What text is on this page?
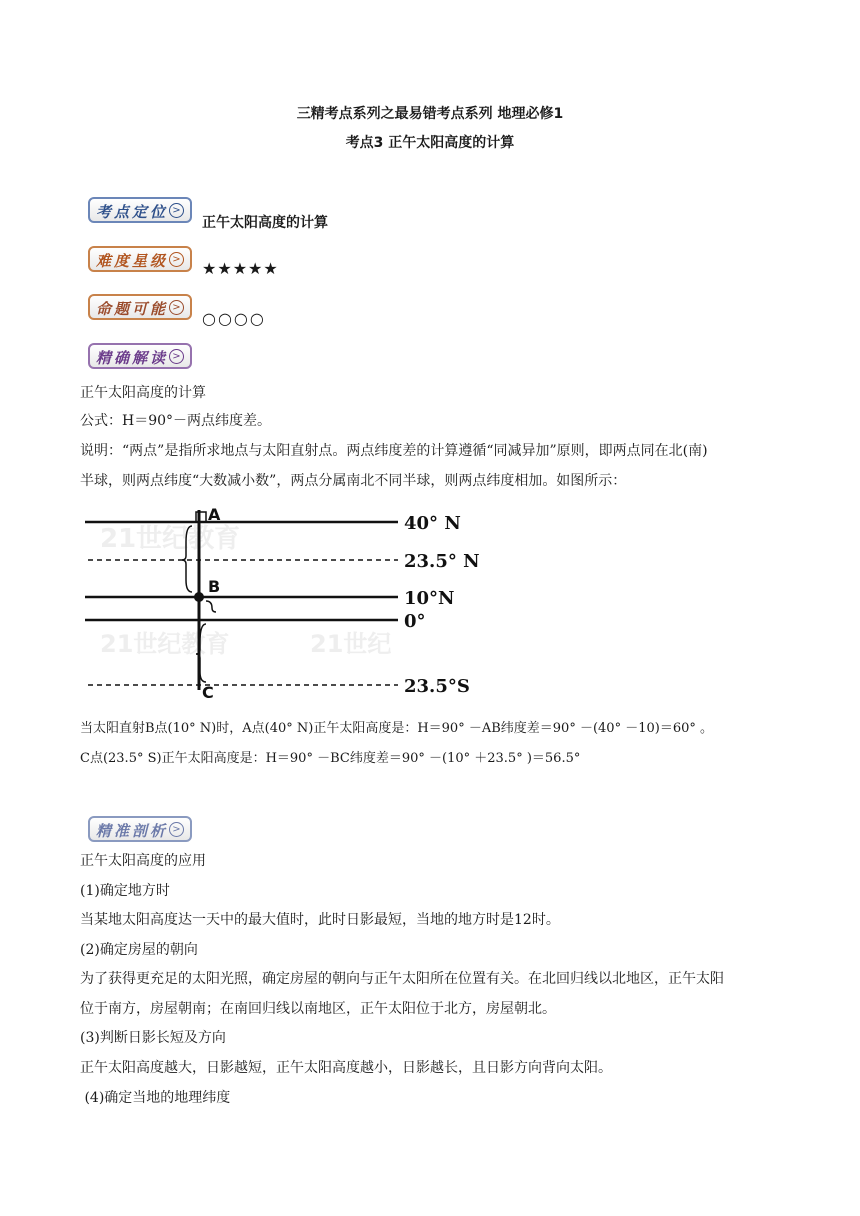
三精考点系列之最易错考点系列 地理必修1
考点3 正午太阳高度的计算
考点定位 >
正午太阳高度的计算
难度星级 > ★★★★★
命题可能 >
○○○○
精确解读 >
正午太阳高度的计算
公式：H＝90°－两点纬度差。
说明：“两点”是指所求地点与太阳直射点。两点纬度差的计算遵循“同减异加”原则，即两点同在北(南)
半球，则两点纬度“大数减小数”，两点分属南北不同半球，则两点纬度相加。如图所示：
21世纪教育
21世纪教育	21世纪
A
B
C
40° N
23.5° N
10°N
0°
23.5°S
当太阳直射B点(10° N)时，A点(40° N)正午太阳高度是：H＝90° －AB纬度差＝90° －(40° －10)＝60° 。
C点(23.5° S)正午太阳高度是：H＝90° －BC纬度差＝90° －(10° ＋23.5° )＝56.5°
精准剖析 >
正午太阳高度的应用
(1)确定地方时
当某地太阳高度达一天中的最大值时，此时日影最短，当地的地方时是12时。
(2)确定房屋的朝向
为了获得更充足的太阳光照，确定房屋的朝向与正午太阳所在位置有关。在北回归线以北地区，正午太阳
位于南方，房屋朝南；在南回归线以南地区，正午太阳位于北方，房屋朝北。
(3)判断日影长短及方向
正午太阳高度越大，日影越短，正午太阳高度越小，日影越长，且日影方向背向太阳。
(4)确定当地的地理纬度
